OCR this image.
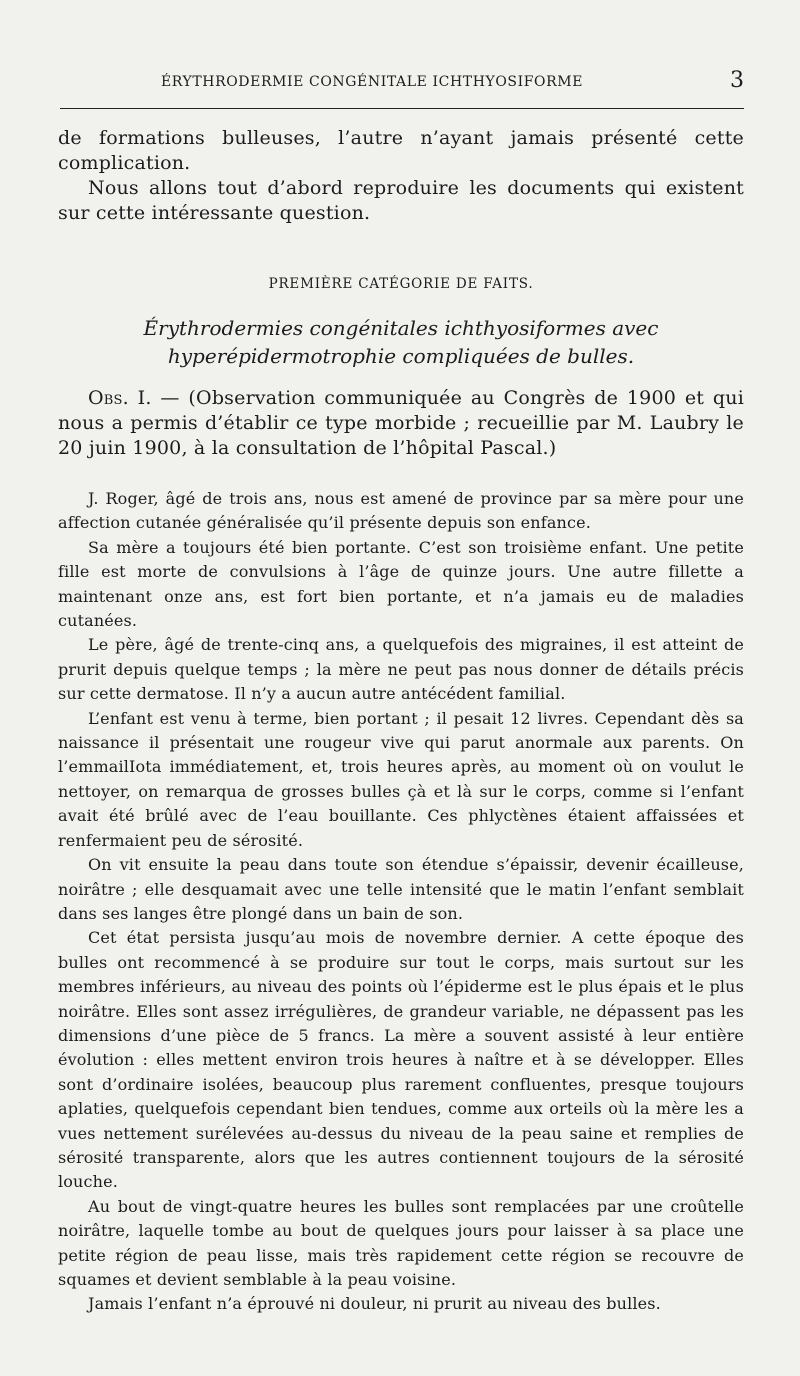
ÉRYTHRODERMIE CONGÉNITALE ICHTHYOSIFORME	3

de formations bulleuses, l’autre n’ayant jamais présenté cette complication.

Nous allons tout d’abord reproduire les documents qui existent sur cette intéressante question.

PREMIÈRE CATÉGORIE DE FAITS.

Érythrodermies congénitales ichthyosiformes avec
hyperépidermotrophie compliquées de bulles.

Obs. I. — (Observation communiquée au Congrès de 1900 et qui nous a permis d’établir ce type morbide ; recueillie par M. Laubry le 20 juin 1900, à la consultation de l’hôpital Pascal.)

J. Roger, âgé de trois ans, nous est amené de province par sa mère pour une affection cutanée généralisée qu’il présente depuis son enfance.

Sa mère a toujours été bien portante. C’est son troisième enfant. Une petite fille est morte de convulsions à l’âge de quinze jours. Une autre fillette a maintenant onze ans, est fort bien portante, et n’a jamais eu de maladies cutanées.

Le père, âgé de trente-cinq ans, a quelquefois des migraines, il est atteint de prurit depuis quelque temps ; la mère ne peut pas nous donner de détails précis sur cette dermatose. Il n’y a aucun autre antécédent familial.

L’enfant est venu à terme, bien portant ; il pesait 12 livres. Cependant dès sa naissance il présentait une rougeur vive qui parut anormale aux parents. On l’emmailIota immédiatement, et, trois heures après, au moment où on voulut le nettoyer, on remarqua de grosses bulles çà et là sur le corps, comme si l’enfant avait été brûlé avec de l’eau bouillante. Ces phlyctènes étaient affaissées et renfermaient peu de sérosité.

On vit ensuite la peau dans toute son étendue s’épaissir, devenir écailleuse, noirâtre ; elle desquamait avec une telle intensité que le matin l’enfant semblait dans ses langes être plongé dans un bain de son.

Cet état persista jusqu’au mois de novembre dernier. A cette époque des bulles ont recommencé à se produire sur tout le corps, mais surtout sur les membres inférieurs, au niveau des points où l’épiderme est le plus épais et le plus noirâtre. Elles sont assez irrégulières, de grandeur variable, ne dépassent pas les dimensions d’une pièce de 5 francs. La mère a souvent assisté à leur entière évolution : elles mettent environ trois heures à naître et à se développer. Elles sont d’ordinaire isolées, beaucoup plus rarement confluentes, presque toujours aplaties, quelquefois cependant bien tendues, comme aux orteils où la mère les a vues nettement surélevées au-dessus du niveau de la peau saine et remplies de sérosité transparente, alors que les autres contiennent toujours de la sérosité louche.

Au bout de vingt-quatre heures les bulles sont remplacées par une croûtelle noirâtre, laquelle tombe au bout de quelques jours pour laisser à sa place une petite région de peau lisse, mais très rapidement cette région se recouvre de squames et devient semblable à la peau voisine.

Jamais l’enfant n’a éprouvé ni douleur, ni prurit au niveau des bulles.
